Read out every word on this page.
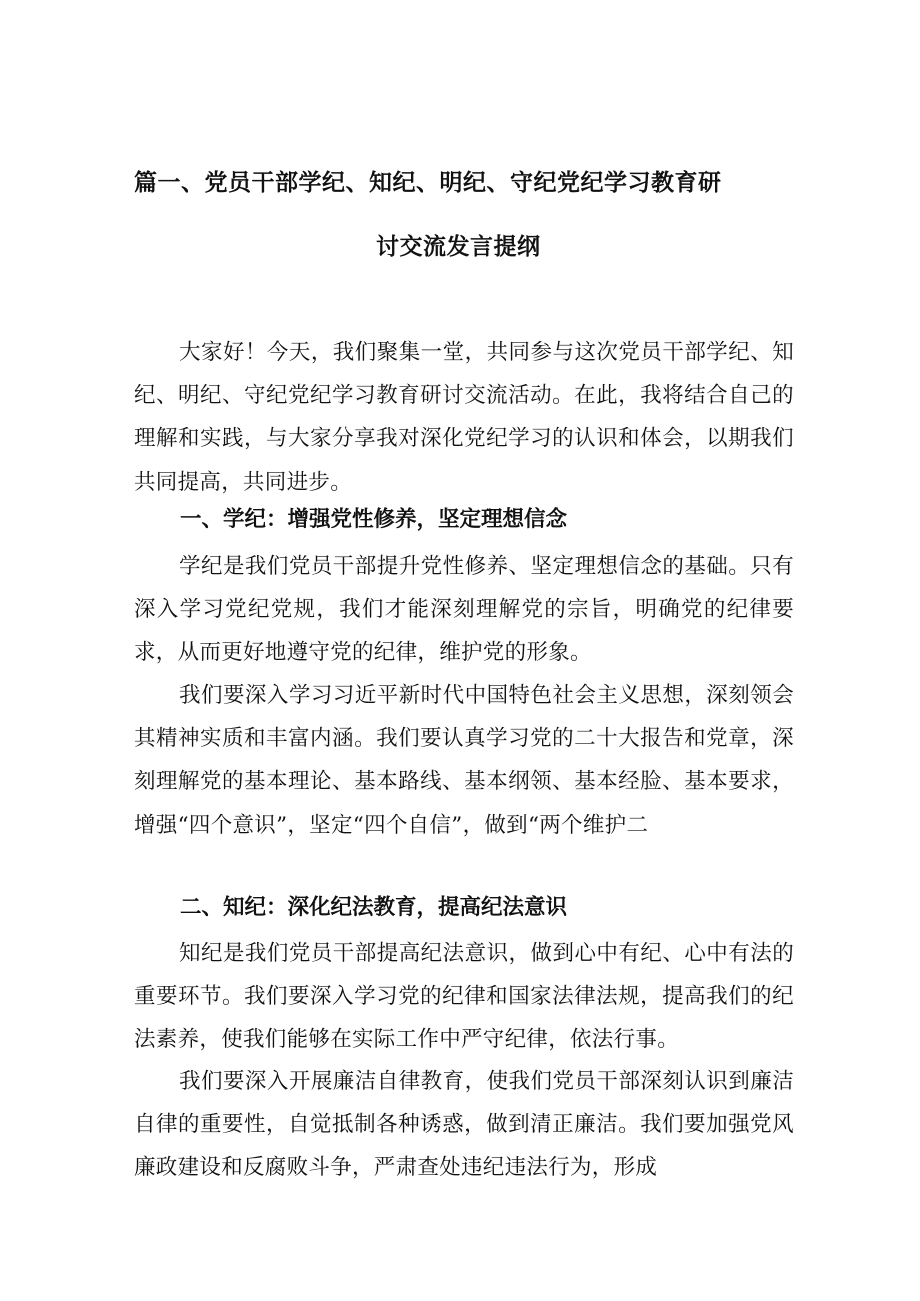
篇一、党员干部学纪、知纪、明纪、守纪党纪学习教育研
讨交流发言提纲
大家好！今天，我们聚集一堂，共同参与这次党员干部学纪、知纪、明纪、守纪党纪学习教育研讨交流活动。在此，我将结合自己的理解和实践，与大家分享我对深化党纪学习的认识和体会，以期我们共同提高，共同进步。
一、学纪：增强党性修养，坚定理想信念
学纪是我们党员干部提升党性修养、坚定理想信念的基础。只有深入学习党纪党规，我们才能深刻理解党的宗旨，明确党的纪律要求，从而更好地遵守党的纪律，维护党的形象。
我们要深入学习习近平新时代中国特色社会主义思想，深刻领会其精神实质和丰富内涵。我们要认真学习党的二十大报告和党章，深刻理解党的基本理论、基本路线、基本纲领、基本经脸、基本要求，增强“四个意识”，坚定“四个自信”，做到“两个维护二
二、知纪：深化纪法教育，提高纪法意识
知纪是我们党员干部提高纪法意识，做到心中有纪、心中有法的重要环节。我们要深入学习党的纪律和国家法律法规，提高我们的纪法素养，使我们能够在实际工作中严守纪律，依法行事。
我们要深入开展廉洁自律教育，使我们党员干部深刻认识到廉洁自律的重要性，自觉抵制各种诱惑，做到清正廉洁。我们要加强党风廉政建设和反腐败斗争，严肃查处违纪违法行为，形成
